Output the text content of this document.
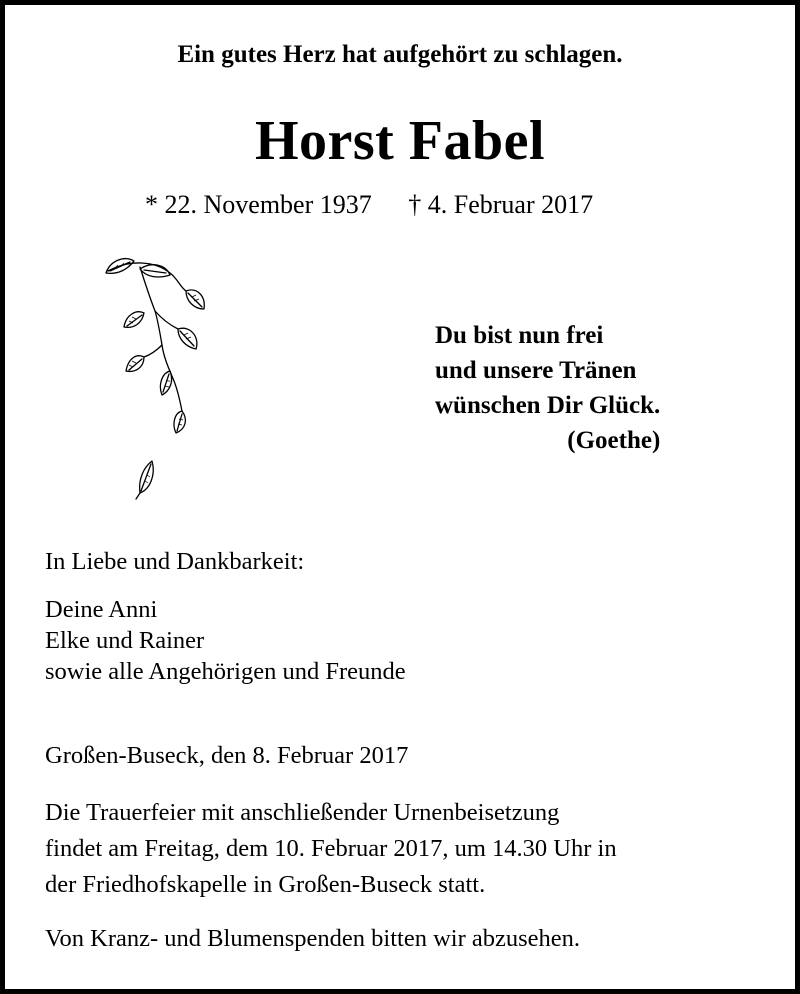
Ein gutes Herz hat aufgehört zu schlagen.

Horst Fabel

* 22. November 1937 † 4. Februar 2017

Du bist nun frei
und unsere Tränen
wünschen Dir Glück.
(Goethe)

In Liebe und Dankbarkeit:

Deine Anni
Elke und Rainer
sowie alle Angehörigen und Freunde

Großen-Buseck, den 8. Februar 2017

Die Trauerfeier mit anschließender Urnenbeisetzung
findet am Freitag, dem 10. Februar 2017, um 14.30 Uhr in
der Friedhofskapelle in Großen-Buseck statt.

Von Kranz- und Blumenspenden bitten wir abzusehen.
